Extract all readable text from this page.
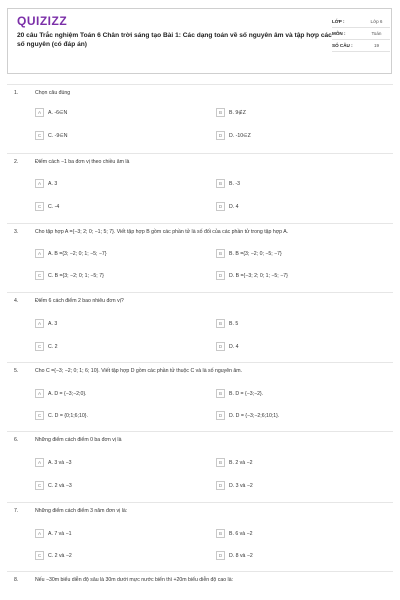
QUIZIZZ
20 câu Trắc nghiệm Toán 6 Chân trời sáng tạo Bài 1: Các dạng toán về số nguyên âm và tập hợp các số nguyên (có đáp án)
LỚP :	Lớp 6
MÔN :	Toán
SỐ CÂU :	19
1.	Chọn câu đúng
A	A. -6∈N	B	B. 9∉Z
C	C. -9∈N	D	D. -10∈Z
2.	Điểm cách −1 ba đơn vị theo chiều âm là
A	A. 3	B	B. -3
C	C. -4	D	D. 4
3.	Cho tập hợp A ={−3; 2; 0; −1; 5; 7}. Viết tập hợp B gồm các phần tử là số đối của các phần tử trong tập hợp A.
A	A. B ={3; −2; 0; 1; −5; −7}	B	B. B ={3; −2; 0; −5; −7}
C	C. B ={3; −2; 0; 1; −5; 7}	D	D. B ={−3; 2; 0; 1; −5; −7}
4.	Điểm 6 cách điểm 2 bao nhiêu đơn vị?
A	A. 3	B	B. 5
C	C. 2	D	D. 4
5.	Cho C ={−3; −2; 0; 1; 6; 10}. Viết tập hợp D gồm các phần tử thuộc C và là số nguyên âm.
A	A. D = {−3;−2;0}.	B	B. D = {−3;−2}.
C	C. D = {0;1;6;10}.	D	D. D = {−3;−2;6;10;1}.
6.	Những điểm cách điểm 0 ba đơn vị là
A	A. 3 và −3	B	B. 2 và −2
C	C. 2 và −3	D	D. 3 và −2
7.	Những điểm cách điểm 3 năm đơn vị là:
A	A. 7 và −1	B	B. 6 và −2
C	C. 2 và −2	D	D. 8 và −2
8.	Nếu −30m biểu diễn độ sâu là 30m dưới mực nước biển thì +20m biểu diễn độ cao là:
